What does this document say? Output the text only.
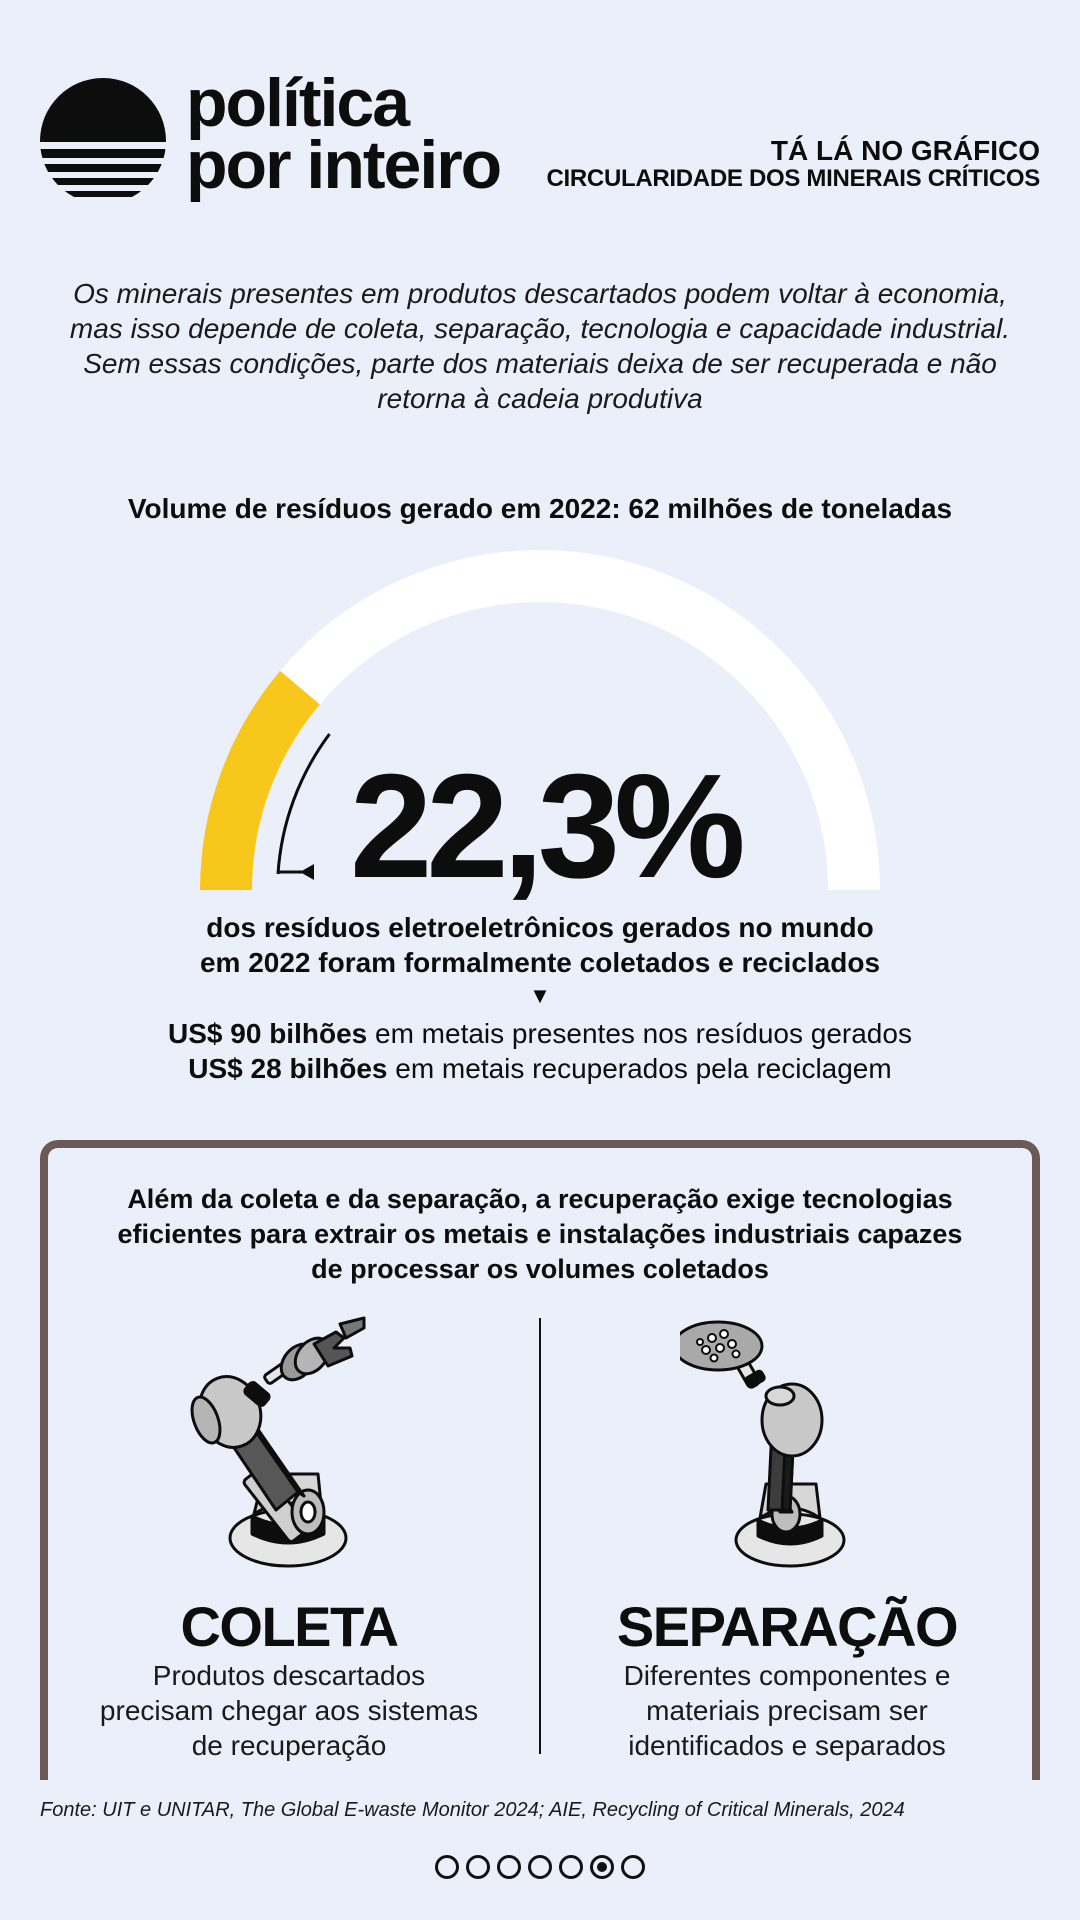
política
por inteiro	TÁ LÁ NO GRÁFICO
CIRCULARIDADE DOS MINERAIS CRÍTICOS

Os minerais presentes em produtos descartados podem voltar à economia, mas isso depende de coleta, separação, tecnologia e capacidade industrial. Sem essas condições, parte dos materiais deixa de ser recuperada e não retorna à cadeia produtiva

Volume de resíduos gerado em 2022: 62 milhões de toneladas
22,3%

dos resíduos eletroeletrônicos gerados no mundo
em 2022 foram formalmente coletados e reciclados

▼

US$ 90 bilhões em metais presentes nos resíduos gerados
US$ 28 bilhões em metais recuperados pela reciclagem

Além da coleta e da separação, a recuperação exige tecnologias eficientes para extrair os metais e instalações industriais capazes de processar os volumes coletados

COLETA

Produtos descartados precisam chegar aos sistemas de recuperação

SEPARAÇÃO

Diferentes componentes e materiais precisam ser identificados e separados

Fonte: UIT e UNITAR, The Global E-waste Monitor 2024; AIE, Recycling of Critical Minerals, 2024
